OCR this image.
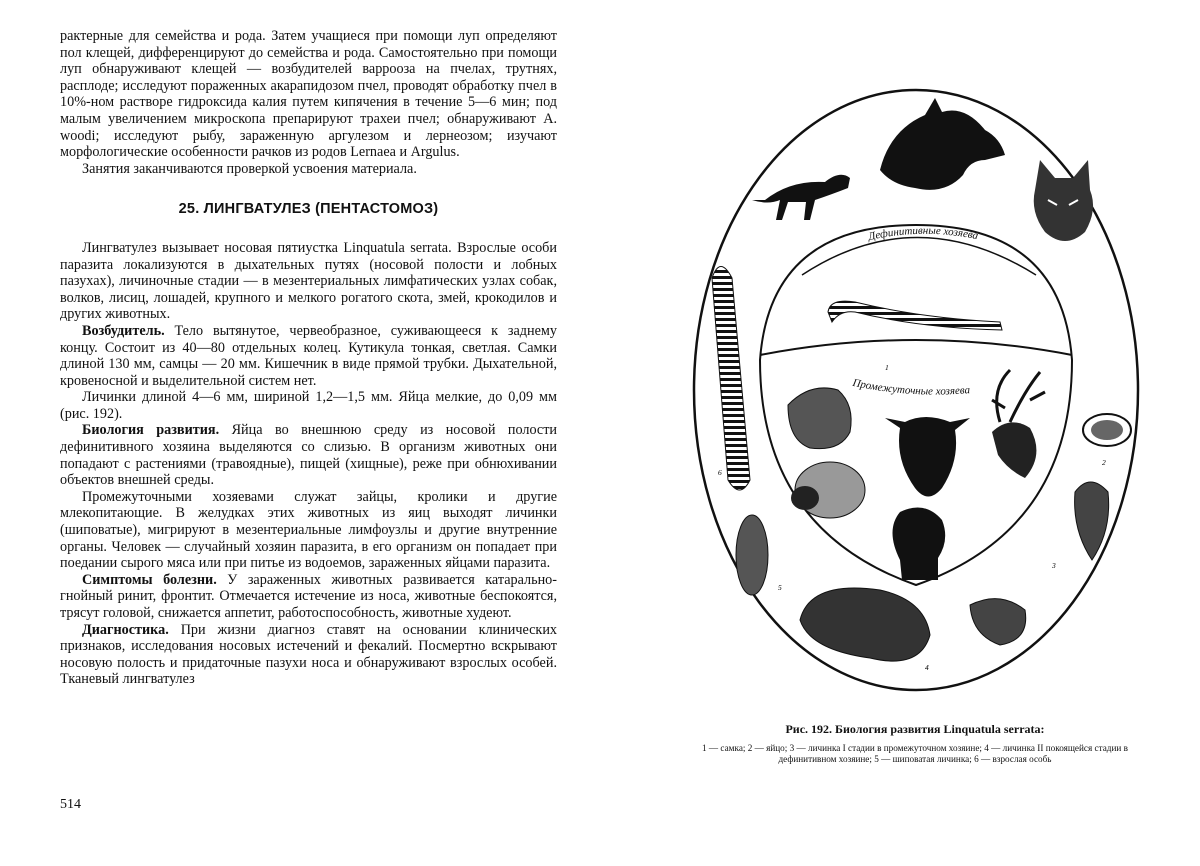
рактерные для семейства и рода. Затем учащиеся при помощи луп определяют пол клещей, дифференцируют до семейства и рода. Самостоятельно при помощи луп обнаруживают клещей — возбудителей варрооза на пчелах, трутнях, расплоде; исследуют пораженных акарапидозом пчел, проводят обработку пчел в 10%-ном растворе гидроксида калия путем кипячения в течение 5—6 мин; под малым увеличением микроскопа препарируют трахеи пчел; обнаруживают A. woodi; исследуют рыбу, зараженную аргулезом и лернеозом; изучают морфологические особенности рачков из родов Lernaea и Argulus.

Занятия заканчиваются проверкой усвоения материала.

25. ЛИНГВАТУЛЕЗ (ПЕНТАСТОМОЗ)

Лингватулез вызывает носовая пятиустка Linquatula serrata. Взрослые особи паразита локализуются в дыхательных путях (носовой полости и лобных пазухах), личиночные стадии — в мезентериальных лимфатических узлах собак, волков, лисиц, лошадей, крупного и мелкого рогатого скота, змей, крокодилов и других животных.

Возбудитель. Тело вытянутое, червеобразное, суживающееся к заднему концу. Состоит из 40—80 отдельных колец. Кутикула тонкая, светлая. Самки длиной 130 мм, самцы — 20 мм. Кишечник в виде прямой трубки. Дыхательной, кровеносной и выделительной систем нет.

Личинки длиной 4—6 мм, шириной 1,2—1,5 мм. Яйца мелкие, до 0,09 мм (рис. 192).

Биология развития. Яйца во внешнюю среду из носовой полости дефинитивного хозяина выделяются со слизью. В организм животных они попадают с растениями (травоядные), пищей (хищные), реже при обнюхивании объектов внешней среды.

Промежуточными хозяевами служат зайцы, кролики и другие млекопитающие. В желудках этих животных из яиц выходят личинки (шиповатые), мигрируют в мезентериальные лимфоузлы и другие внутренние органы. Человек — случайный хозяин паразита, в его организм он попадает при поедании сырого мяса или при питье из водоемов, зараженных яйцами паразита.

Симптомы болезни. У зараженных животных развивается катарально-гнойный ринит, фронтит. Отмечается истечение из носа, животные беспокоятся, трясут головой, снижается аппетит, работоспособность, животные худеют.

Диагностика. При жизни диагноз ставят на основании клинических признаков, исследования носовых истечений и фекалий. Посмертно вскрывают носовую полость и придаточные пазухи носа и обнаруживают взрослых особей. Тканевый лингватулез

514
Дефинитивные хозяева
Промежуточные хозяева
1
2
3
4
5
6
Рис. 192. Биология развития Linquatula serrata:
1 — самка; 2 — яйцо; 3 — личинка I стадии в промежуточном хозяине; 4 — личинка II покоящейся стадии в дефинитивном хозяине; 5 — шиповатая личинка; 6 — взрослая особь
